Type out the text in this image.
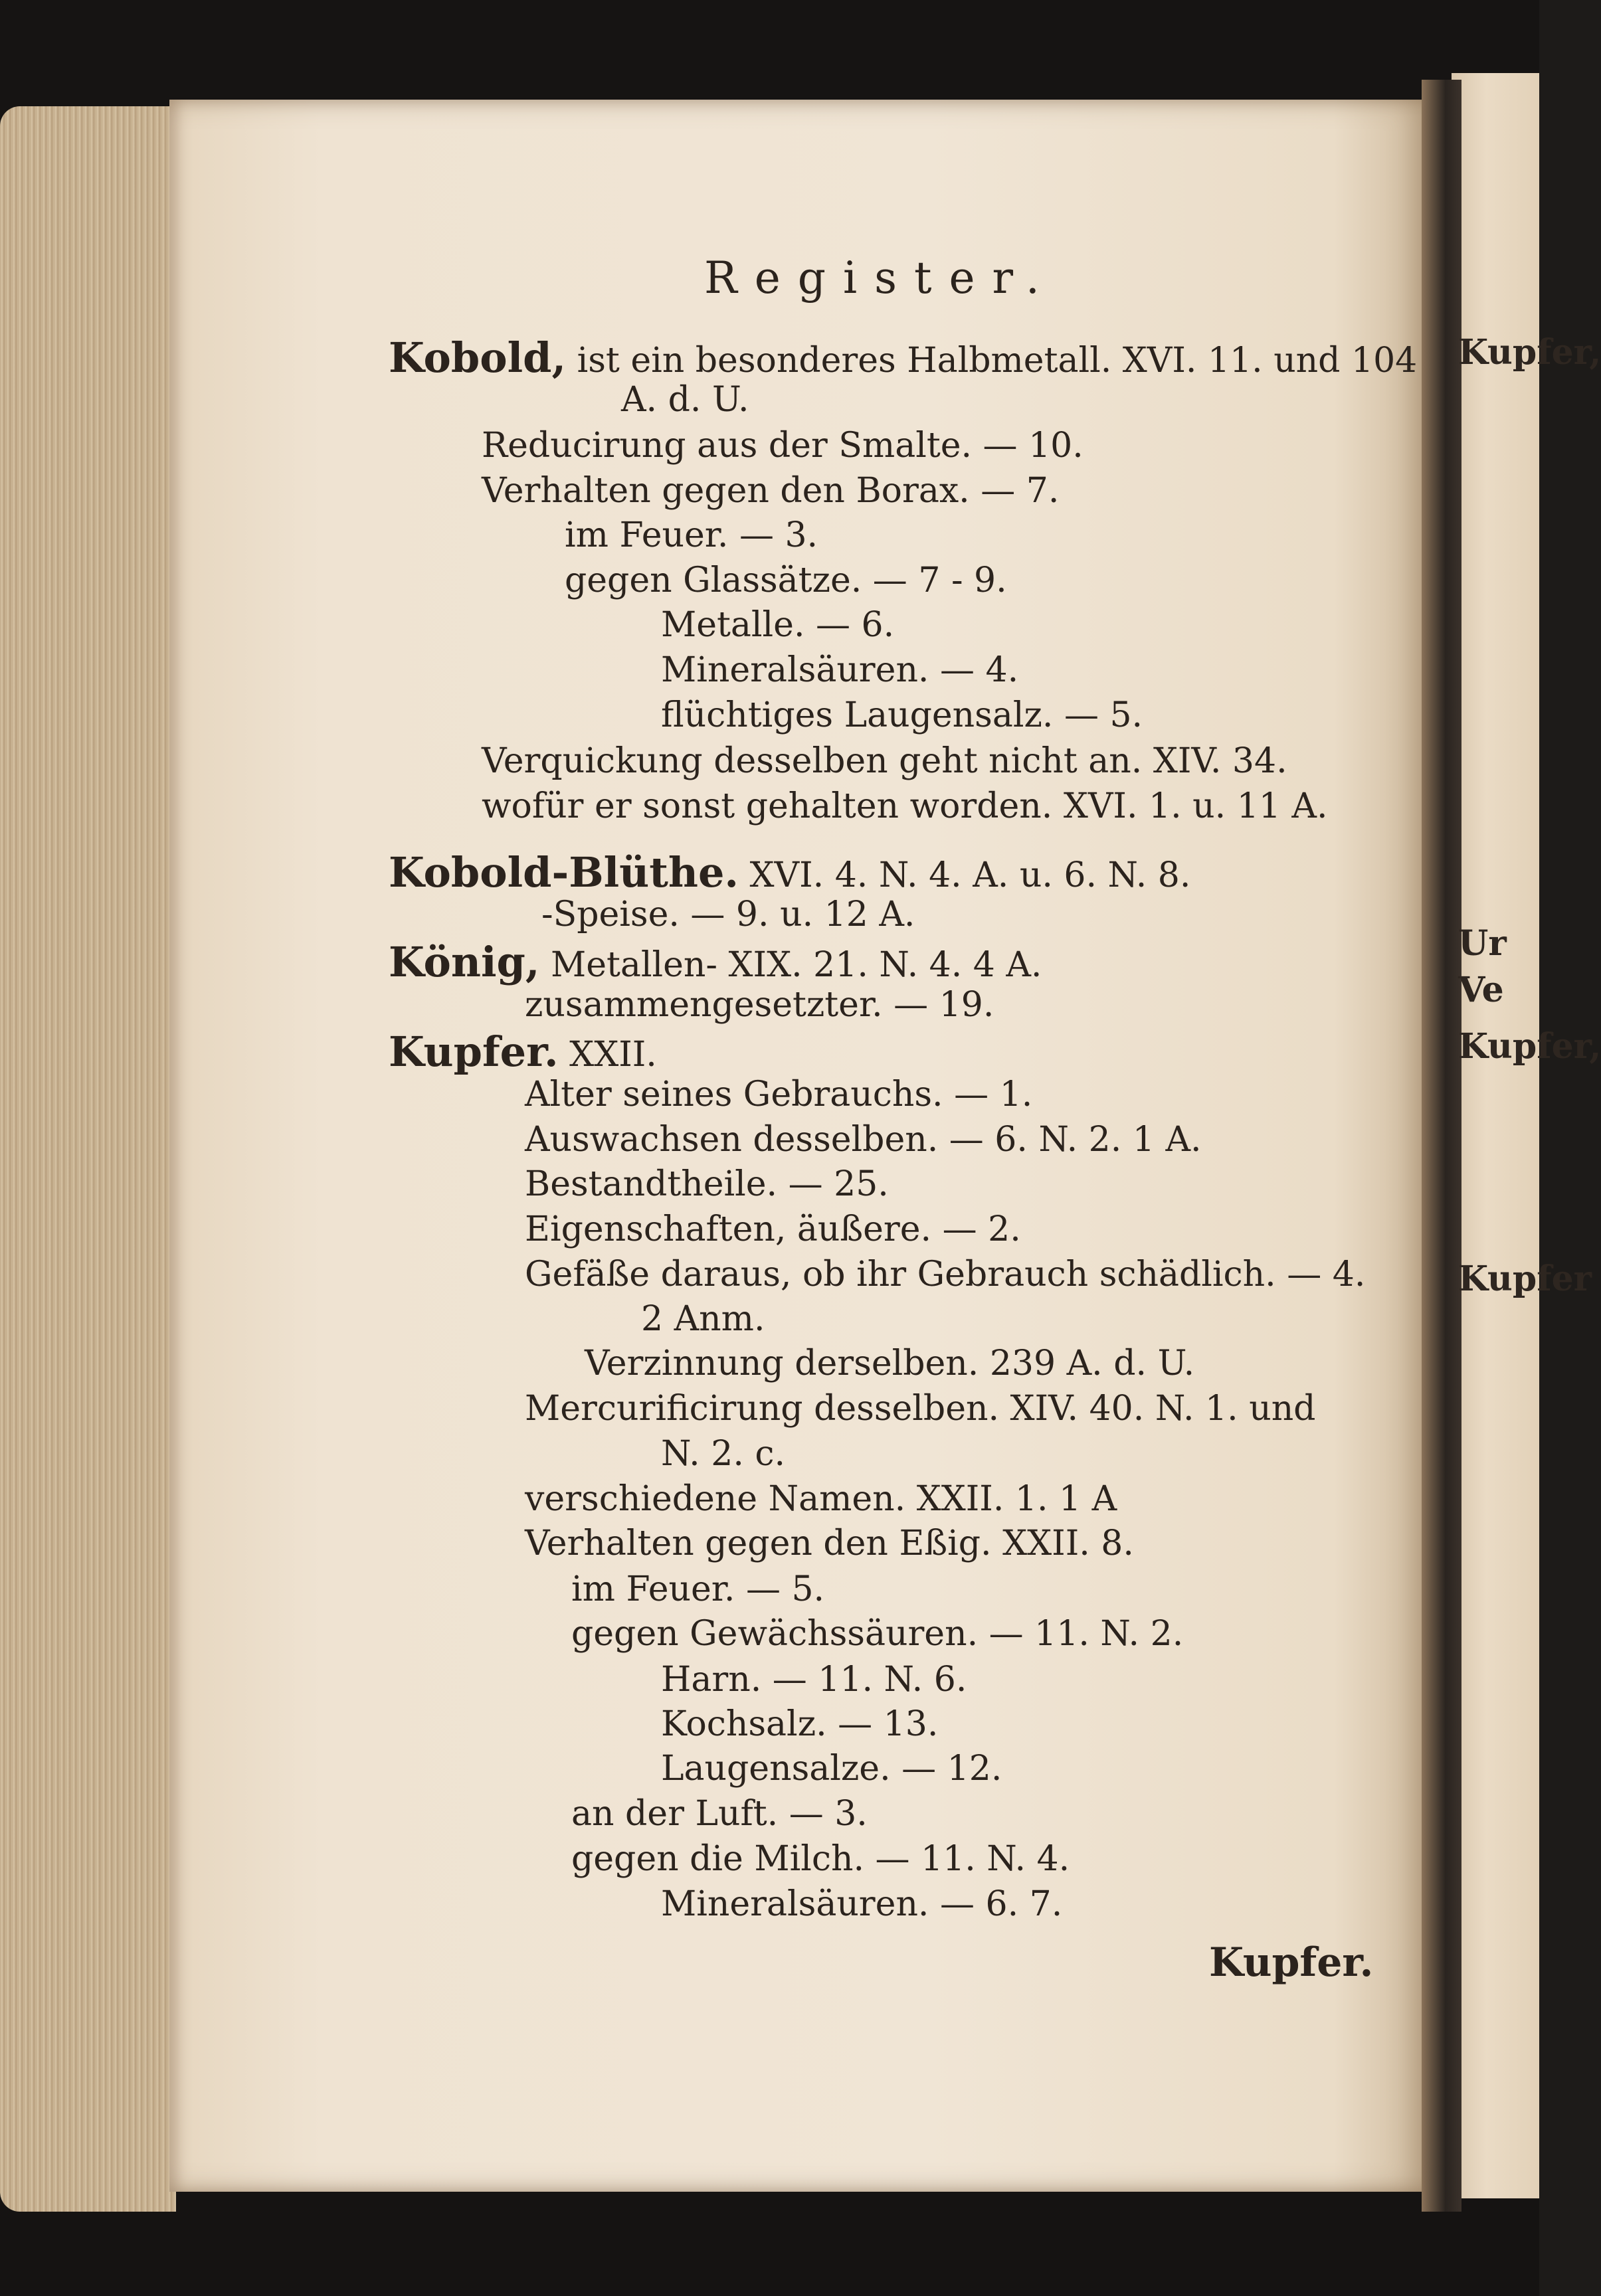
Kupfer,
Ur
Ve
Kupfer,
Kupfer
Register.
Kobold, ist ein besonderes Halbmetall. XVI. 11. und 104
A. d. U.
Reducirung aus der Smalte. — 10.
Verhalten gegen den Borax. — 7.
im Feuer. — 3.
gegen Glassätze. — 7 - 9.
Metalle. — 6.
Mineralsäuren. — 4.
flüchtiges Laugensalz. — 5.
Verquickung desselben geht nicht an. XIV. 34.
wofür er sonst gehalten worden. XVI. 1. u. 11 A.
Kobold-Blüthe. XVI. 4. N. 4. A. u. 6. N. 8.
-Speise. — 9. u. 12 A.
König, Metallen- XIX. 21. N. 4. 4 A.
zusammengesetzter. — 19.
Kupfer. XXII.
Alter seines Gebrauchs. — 1.
Auswachsen desselben. — 6. N. 2. 1 A.
Bestandtheile. — 25.
Eigenschaften, äußere. — 2.
Gefäße daraus, ob ihr Gebrauch schädlich. — 4.
2 Anm.
Verzinnung derselben. 239 A. d. U.
Mercurificirung desselben. XIV. 40. N. 1. und
N. 2. c.
verschiedene Namen. XXII. 1. 1 A
Verhalten gegen den Eßig. XXII. 8.
im Feuer. — 5.
gegen Gewächssäuren. — 11. N. 2.
Harn. — 11. N. 6.
Kochsalz. — 13.
Laugensalze. — 12.
an der Luft. — 3.
gegen die Milch. — 11. N. 4.
Mineralsäuren. — 6. 7.
Kupfer.
